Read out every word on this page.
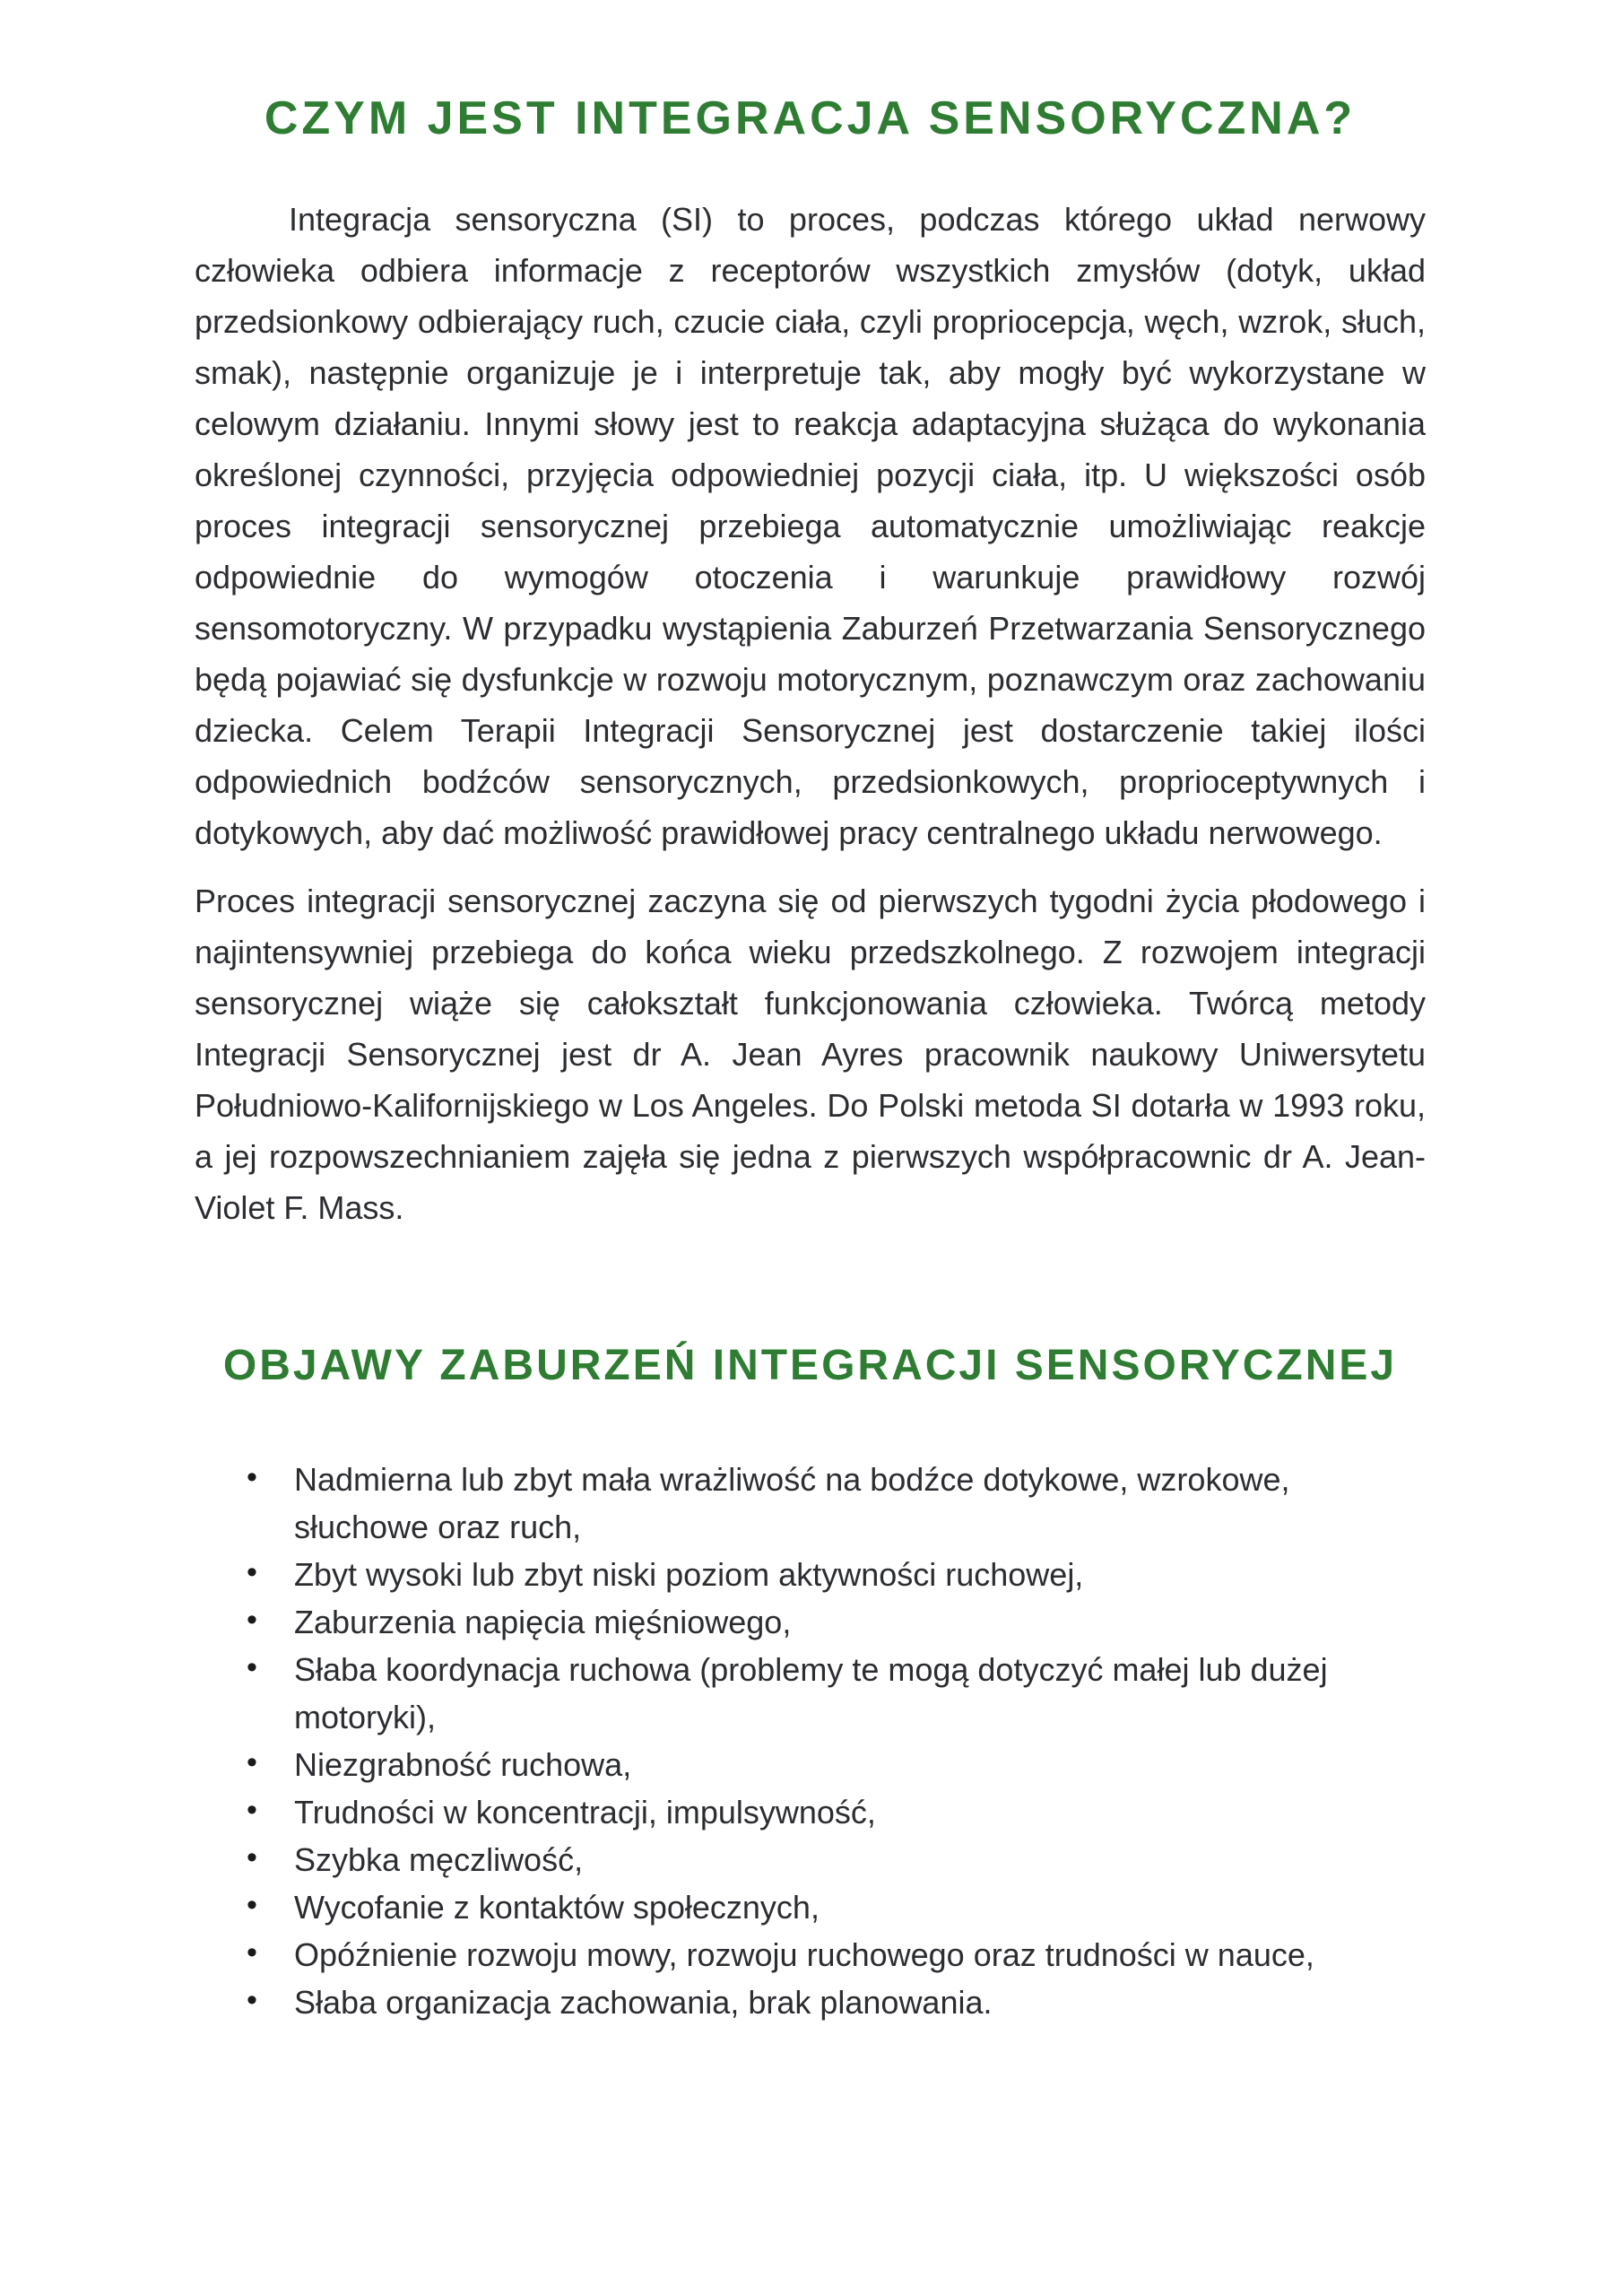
CZYM JEST INTEGRACJA SENSORYCZNA?

Integracja sensoryczna (SI) to proces, podczas którego układ nerwowy człowieka odbiera informacje z receptorów wszystkich zmysłów (dotyk, układ przedsionkowy odbierający ruch, czucie ciała, czyli propriocepcja, węch, wzrok, słuch, smak), następnie organizuje je i interpretuje tak, aby mogły być wykorzystane w celowym działaniu. Innymi słowy jest to reakcja adaptacyjna służąca do wykonania określonej czynności, przyjęcia odpowiedniej pozycji ciała, itp. U większości osób proces integracji sensorycznej przebiega automatycznie umożliwiając reakcje odpowiednie do wymogów otoczenia i warunkuje prawidłowy rozwój sensomotoryczny. W przypadku wystąpienia Zaburzeń Przetwarzania Sensorycznego będą pojawiać się dysfunkcje w rozwoju motorycznym, poznawczym oraz zachowaniu dziecka. Celem Terapii Integracji Sensorycznej jest dostarczenie takiej ilości odpowiednich bodźców sensorycznych, przedsionkowych, proprioceptywnych i dotykowych, aby dać możliwość prawidłowej pracy centralnego układu nerwowego.

Proces integracji sensorycznej zaczyna się od pierwszych tygodni życia płodowego i najintensywniej przebiega do końca wieku przedszkolnego. Z rozwojem integracji sensorycznej wiąże się całokształt funkcjonowania człowieka. Twórcą metody Integracji Sensorycznej jest dr A. Jean Ayres pracownik naukowy Uniwersytetu Południowo-Kalifornijskiego w Los Angeles. Do Polski metoda SI dotarła w 1993 roku, a jej rozpowszechnianiem zajęła się jedna z pierwszych współpracownic dr A. Jean-Violet F. Mass.

OBJAWY ZABURZEŃ INTEGRACJI SENSORYCZNEJ
• Nadmierna lub zbyt mała wrażliwość na bodźce dotykowe, wzrokowe, słuchowe oraz ruch,
• Zbyt wysoki lub zbyt niski poziom aktywności ruchowej,
• Zaburzenia napięcia mięśniowego,
• Słaba koordynacja ruchowa (problemy te mogą dotyczyć małej lub dużej motoryki),
• Niezgrabność ruchowa,
• Trudności w koncentracji, impulsywność,
• Szybka męczliwość,
• Wycofanie z kontaktów społecznych,
• Opóźnienie rozwoju mowy, rozwoju ruchowego oraz trudności w nauce,
• Słaba organizacja zachowania, brak planowania.
